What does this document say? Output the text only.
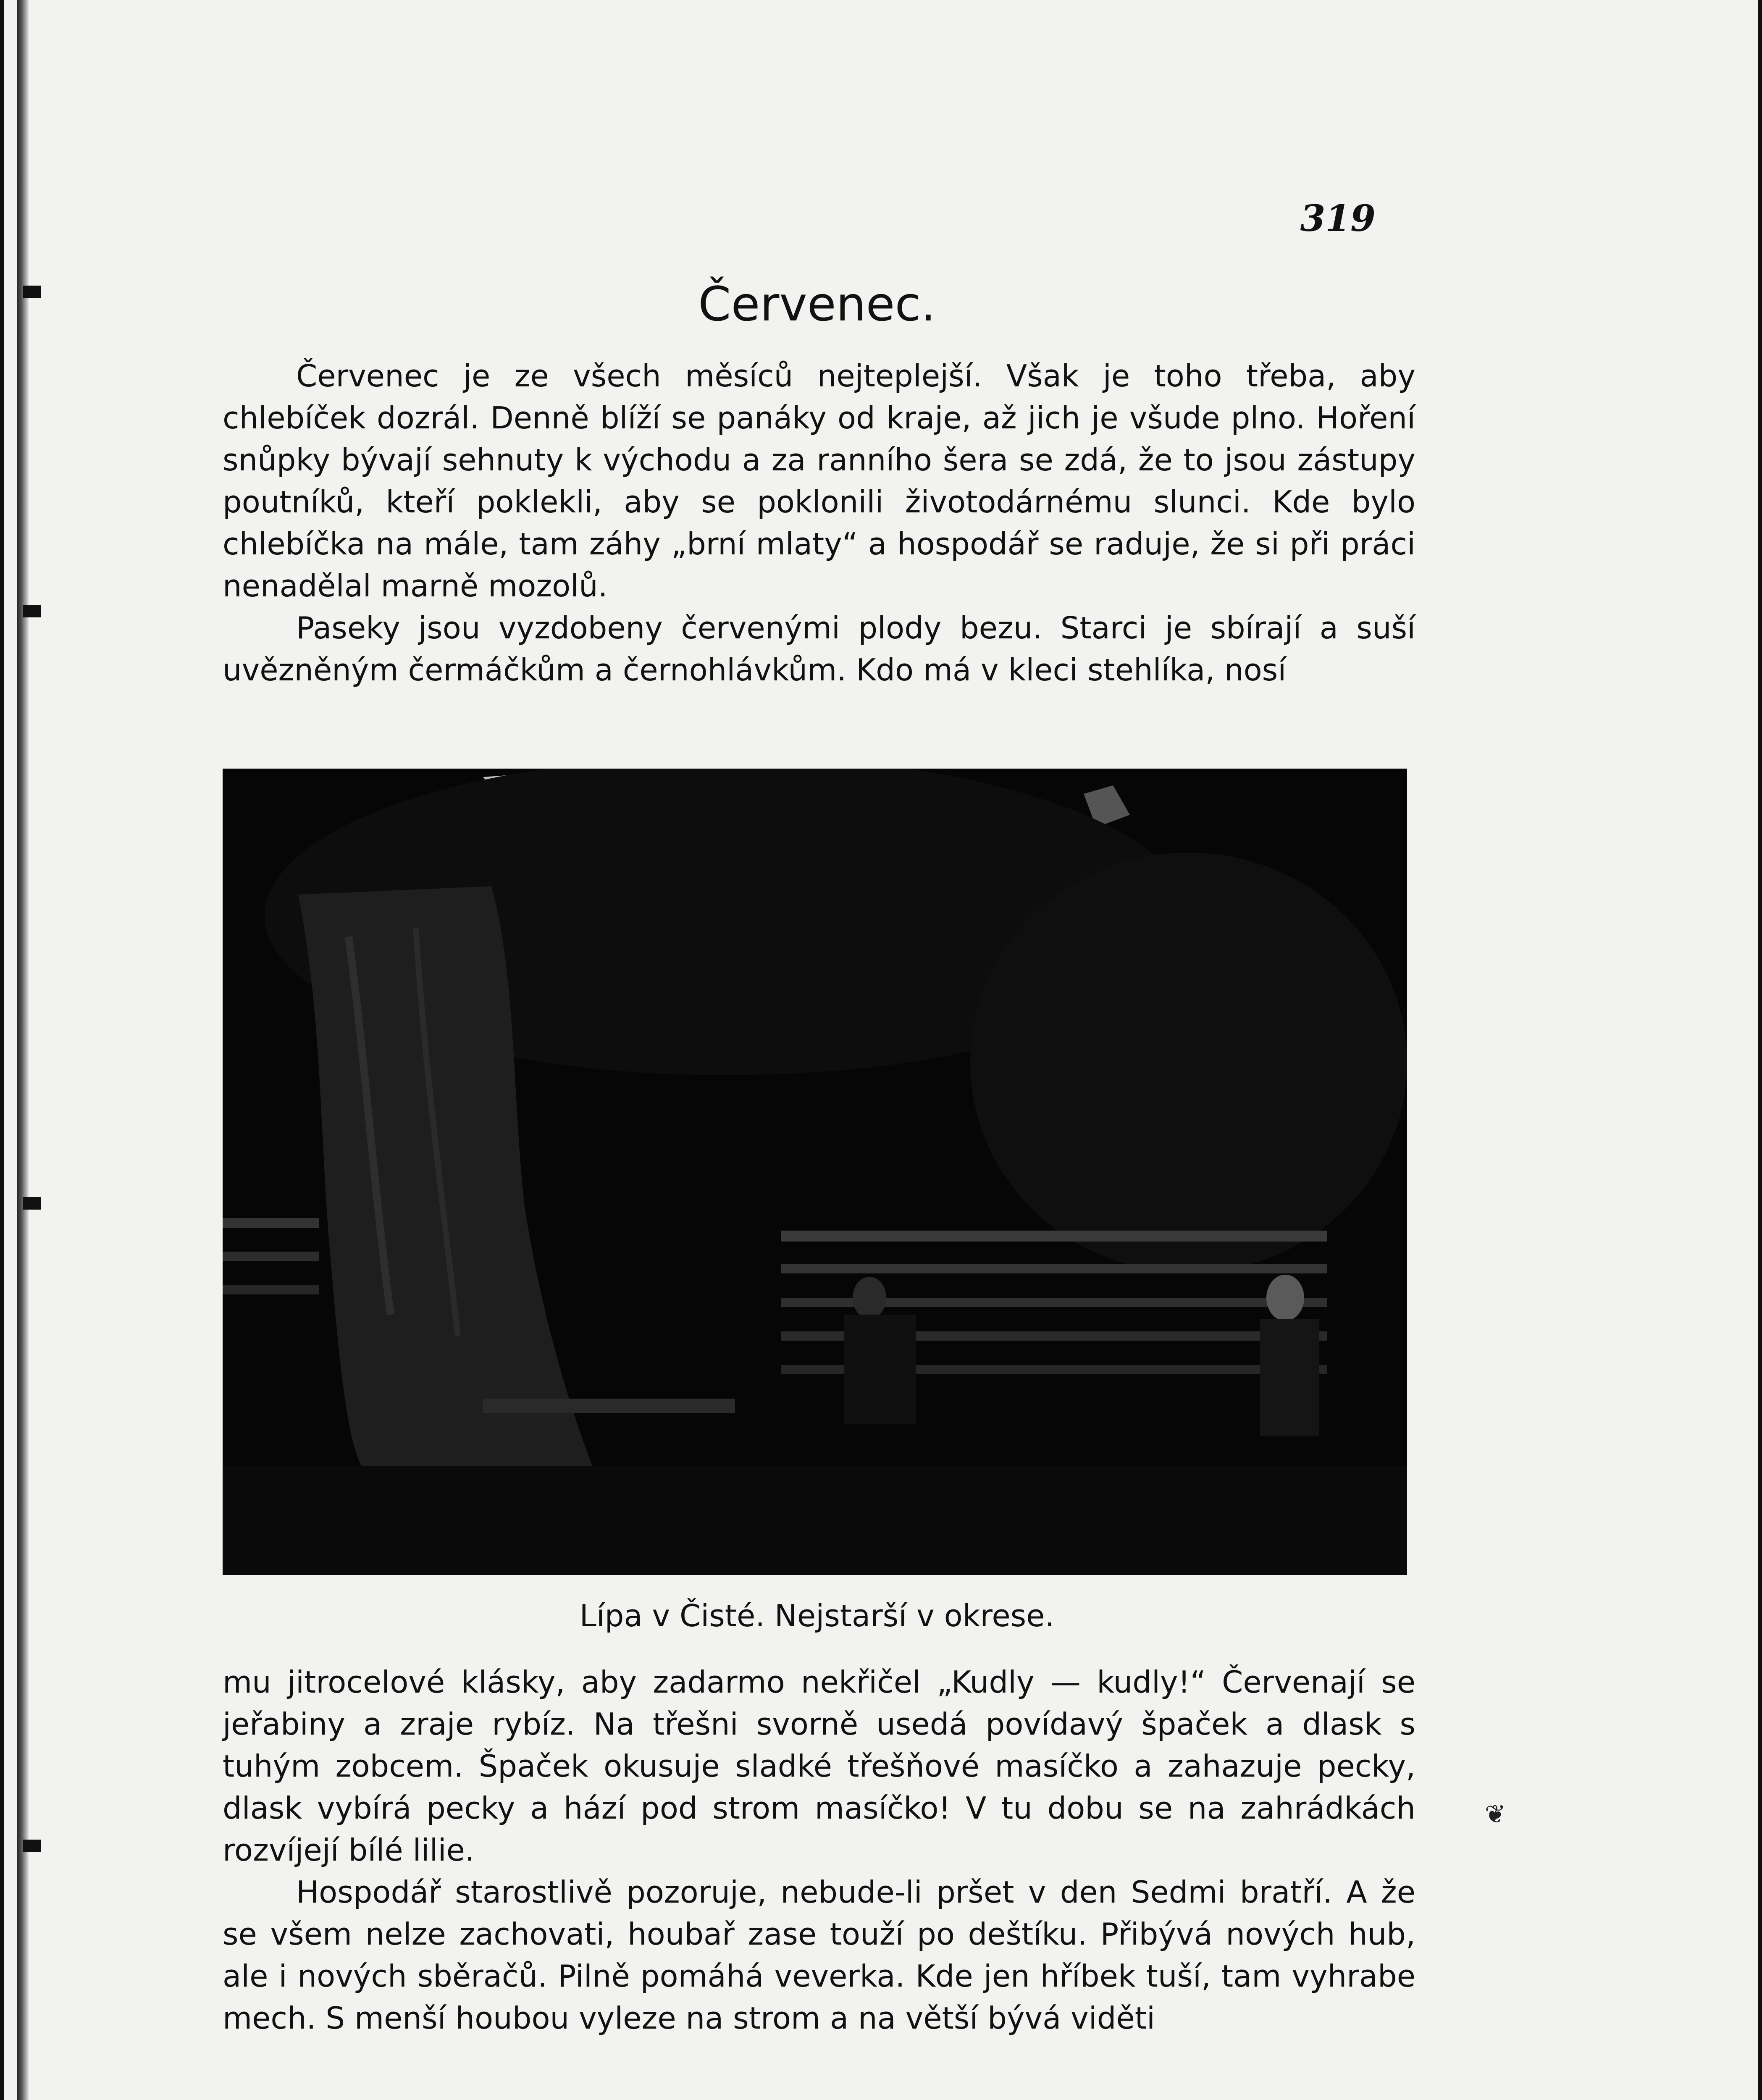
319

Červenec.

Červenec je ze všech měsíců nejteplejší. Však je toho třeba, aby chlebíček dozrál. Denně blíží se panáky od kraje, až jich je všude plno. Hoření snůpky bývají sehnuty k východu a za ranního šera se zdá, že to jsou zástupy poutníků, kteří poklekli, aby se poklonili životodárnému slunci. Kde bylo chlebíčka na mále, tam záhy „brní mlaty“ a hospodář se raduje, že si při práci nenadělal marně mozolů.

Paseky jsou vyzdobeny červenými plody bezu. Starci je sbírají a suší uvězněným čermáčkům a černohlávkům. Kdo má v kleci stehlíka, nosí

Lípa v Čisté. Nejstarší v okrese.

mu jitrocelové klásky, aby zadarmo nekřičel „Kudly — kudly!“ Červenají se jeřabiny a zraje rybíz. Na třešni svorně usedá povídavý špaček a dlask s tuhým zobcem. Špaček okusuje sladké třešňové masíčko a zahazuje pecky, dlask vybírá pecky a hází pod strom masíčko! V tu dobu se na zahrádkách rozvíjejí bílé lilie.

Hospodář starostlivě pozoruje, nebude-li pršet v den Sedmi bratří. A že se všem nelze zachovati, houbař zase touží po deštíku. Přibývá nových hub, ale i nových sběračů. Pilně pomáhá veverka. Kde jen hříbek tuší, tam vyhrabe mech. S menší houbou vyleze na strom a na větší bývá viděti

❦
